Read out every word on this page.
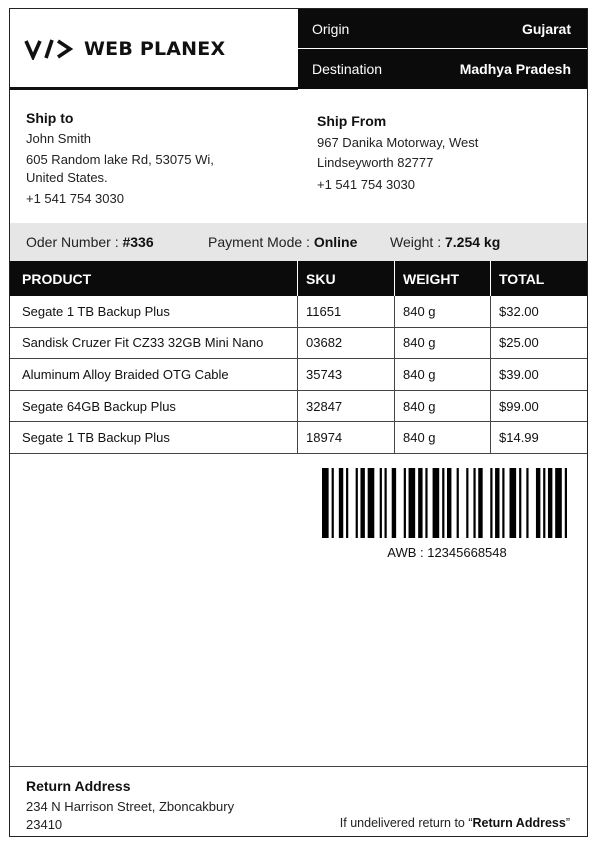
WEB PLANEX
Origin	Gujarat
Destination	Madhya Pradesh
Ship to

John Smith

605 Random lake Rd, 53075 Wi, United States.

+1 541 754 3030

Ship From

967 Danika Motorway, West Lindseyworth 82777

+1 541 754 3030

Oder Number : #336	Payment Mode : Online Weight : 7.254 kg
PRODUCT	SKU	WEIGHT	TOTAL
Segate 1 TB Backup Plus	11651	840 g	$32.00
Sandisk Cruzer Fit CZ33 32GB Mini Nano	03682	840 g	$25.00
Aluminum Alloy Braided OTG Cable	35743	840 g	$39.00
Segate 64GB Backup Plus	32847	840 g	$99.00
Segate 1 TB Backup Plus	18974	840 g	$14.99
AWB : 12345668548
Return Address
234 N Harrison Street, Zboncakbury
23410	If undelivered return to “Return Address”
